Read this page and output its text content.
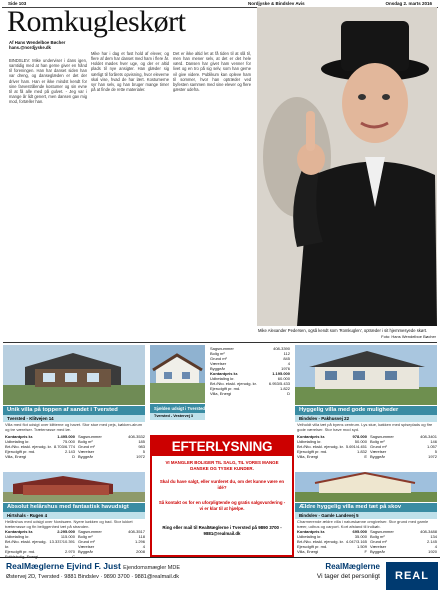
Side 103	Nordjyske & Bindslev Avis	Onsdag 2. marts 2016
Romkugleskørt
Af Hans Wendelboe Bøcher
hans.@nordjyske.dk
BINDSLEV: Mike underviser i dans igen, samtidig med at han gerne giver en hånd til foreningen. Han har danset siden han var dreng, og danseglæden er det der driver ham. Han er ikke mindst kendt for sine farvestrålende kostumer og sin evne til at få alle med på gulvet. - Jeg var i mange år lidt genert, men dansen gav mig mod, fortæller han.
Mike har i dag et fast hold af elever, og flere af dem har danset med ham i flere år. Holdet mødes hver uge, og der er altid plads til nye ansigter. Han glæder sig særligt til forårets opvisning, hvor eleverne skal vise, hvad de har lært. Kostumerne syr han selv, og han bruger mange timer på at finde de rette materialer.
Det er ikke altid let at få tiden til at slå til, men han mener selv, at det er det hele værd. Dansen har givet ham venner for livet og en tro på sig selv, som han gerne vil give videre. Publikum kan opleve ham til sommer, hvor han optræder ved byfesten sammen med sine elever og flere gæster udefra.
Mike Alexander Pedersen, også kendt som 'Romkuglen', optræder i sit hjemmesyede skørt.
Foto: Hans Wendelboe Bøcher
Unik villa på toppen af sandet i Tversted
Tversted - Klitvejen 14
Villa med flot udsigt over klitterne og havet. Stor stue med pejs, køkken-alrum og tre værelser. Træterrasse med læ.
Kontantpris kr.	1.495.000
Udbetaling kr.	75.000
Brt./Nto. ekskl. ejerudg. kr. 8.703/6.774
Ejerudgift pr. md.	2.143
Villa, Energi	D
Sagsnummer	408-3532
Bolig m²	185
Grund m²	983
Værelser	5
Byggeår	1972
Sjælden udsigt i Tversted
Tversted - Vestervej 3
Sagsnummer	408-3390
Bolig m²	112
Grund m²	845
Værelser	4
Byggeår	1976
Kontantpris kr.	1.195.000
Udbetaling kr.	60.000
Brt./Nto. ekskl. ejerudg. kr.	6.953/5.433
Ejerudgift pr. md.	1.822
Villa, Energi	D
Hyggelig villa med gode muligheder
Bindslev - Pakhusvej 22
Velholdt villa tæt på byens centrum. Lys stue, køkken med spiseplads og fire gode værelser. Stor have mod syd.
Kontantpris kr.	978.000
Udbetaling kr.	50.000
Brt./Nto. ekskl. ejerudg. kr. 5.691/4.451
Ejerudgift pr. md.	1.832
Villa, Energi	E
Sagsnummer	408-3401
Bolig m²	146
Grund m²	1.057
Værelser	5
Byggeår	1972
EFTERLYSNING
VI MANGLER BOLIGER TIL SALG, TIL VORES MANGE DANSKE OG TYSKE KUNDER.
Skal du have salgt, eller vurderet du, om det kunne være en idé?
Så kontakt os for en uforpligtende og gratis salgsvurdering - vi er klar til at hjælpe.
Ring eller mail til RealMæglerne i Tversted på 9890 3700 - 9881@realmail.dk
Absolut helårshus med fantastisk havudsigt
Hirtshals - Rugen 4
Helårshus med udsigt over Nordsøen. Nyere køkken og bad. Stor lukket træterrasse og fin beliggenhed tæt på stranden.
Kontantpris kr.	2.295.000
Udbetaling kr.	115.000
Brt./Nto. ekskl. ejerudg. kr.
13.337/10.391
Ejerudgift pr. md.	2.970
Fritidsbolig, Energi	C
Sagsnummer	408-3517
Bolig m²	118
Grund m²	1.296
Værelser	4
Byggeår	2008
Ældre hyggelig villa med tæt på skov
Bindslev - Gamle Landevej 5
Charmerende ældre villa i naturskønne omgivelser. Stor grund med gamle træer, udhus og carport. Kort afstand til indkøb.
Kontantpris kr.	695.000
Udbetaling kr.	35.000
Brt./Nto. ekskl. ejerudg. kr. 4.047/3.165
Ejerudgift pr. md.	1.509
Villa, Energi	F
Sagsnummer	408-3488
Bolig m²	134
Grund m²	2.145
Værelser	4
Byggeår	1920
RealMæglerne Ejvind F. Just Ejendomsmægler MDE
Østervej 2D, Tversted · 9881 Bindslev · 9890 3700 · 9881@realmail.dk
RealMæglerne
Vi tager det personligt	REAL
